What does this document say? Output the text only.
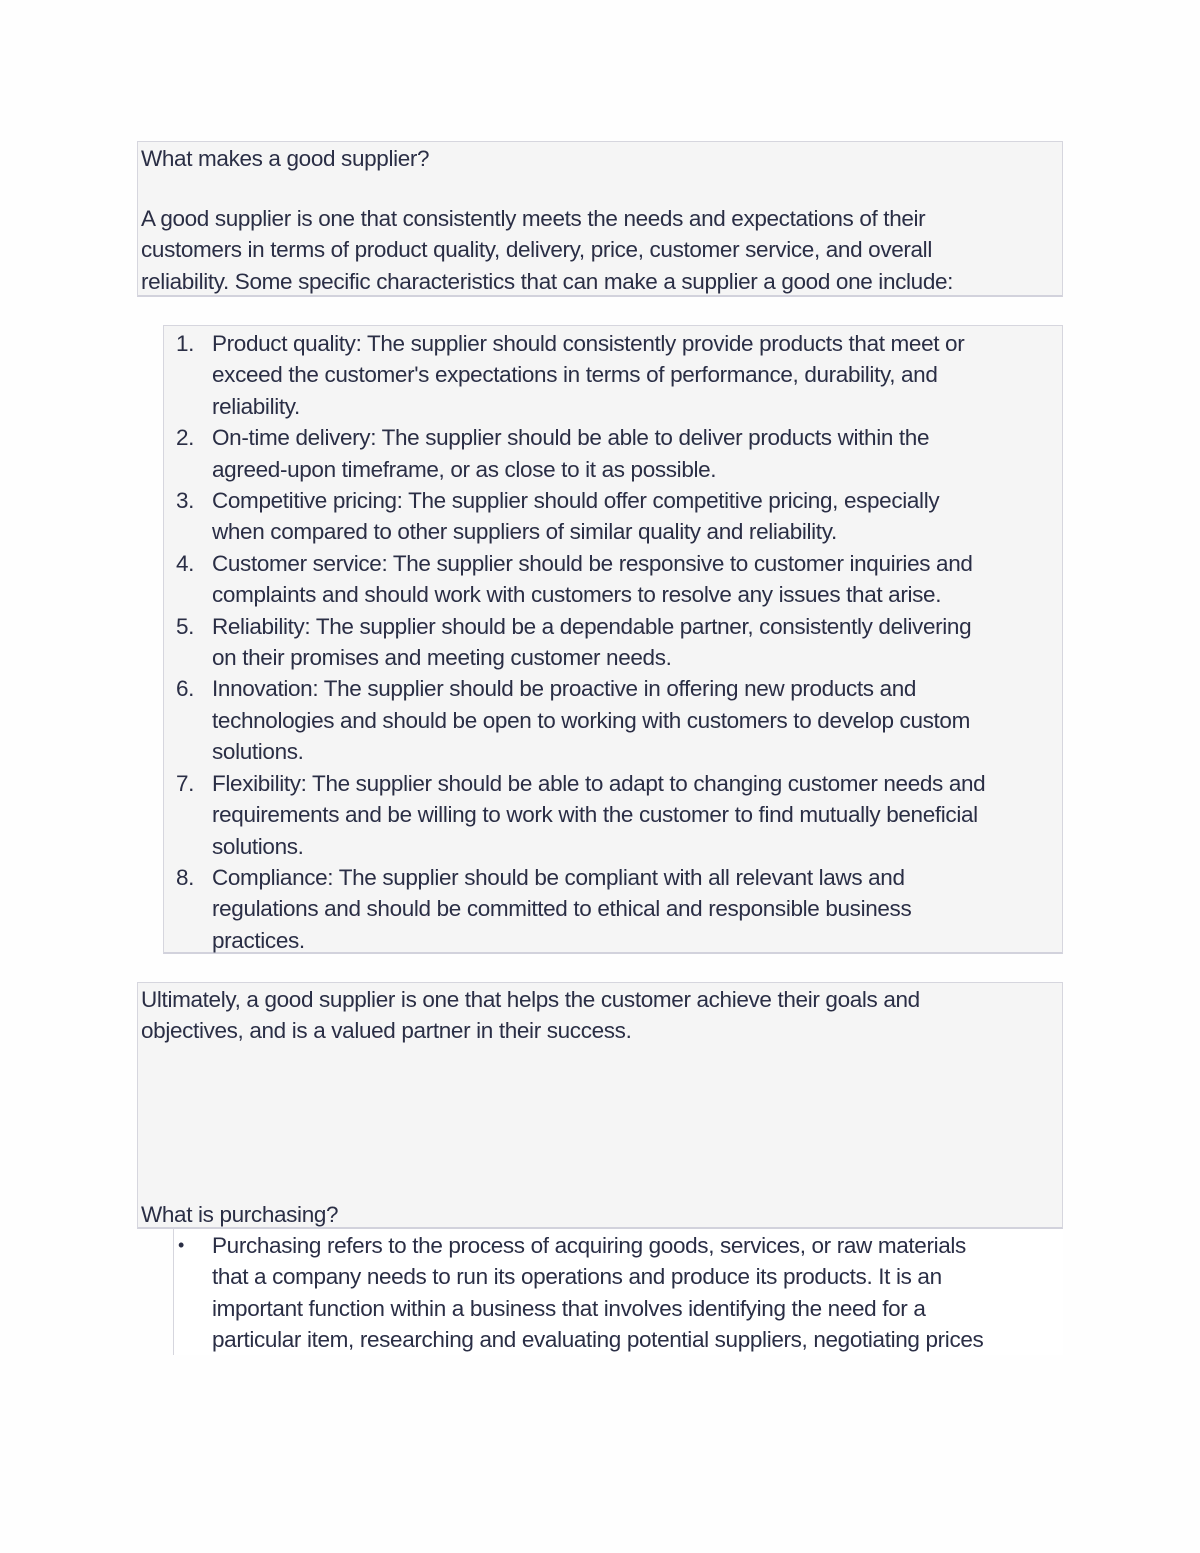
What makes a good supplier?
A good supplier is one that consistently meets the needs and expectations of their
customers in terms of product quality, delivery, price, customer service, and overall
reliability. Some specific characteristics that can make a supplier a good one include:
1. Product quality: The supplier should consistently provide products that meet or
exceed the customer's expectations in terms of performance, durability, and
reliability.
2. On-time delivery: The supplier should be able to deliver products within the
agreed-upon timeframe, or as close to it as possible.
3. Competitive pricing: The supplier should offer competitive pricing, especially
when compared to other suppliers of similar quality and reliability.
4. Customer service: The supplier should be responsive to customer inquiries and
complaints and should work with customers to resolve any issues that arise.
5. Reliability: The supplier should be a dependable partner, consistently delivering
on their promises and meeting customer needs.
6. Innovation: The supplier should be proactive in offering new products and
technologies and should be open to working with customers to develop custom
solutions.
7. Flexibility: The supplier should be able to adapt to changing customer needs and
requirements and be willing to work with the customer to find mutually beneficial
solutions.
8. Compliance: The supplier should be compliant with all relevant laws and
regulations and should be committed to ethical and responsible business
practices.
Ultimately, a good supplier is one that helps the customer achieve their goals and
objectives, and is a valued partner in their success.
What is purchasing?
• Purchasing refers to the process of acquiring goods, services, or raw materials
that a company needs to run its operations and produce its products. It is an
important function within a business that involves identifying the need for a
particular item, researching and evaluating potential suppliers, negotiating prices
